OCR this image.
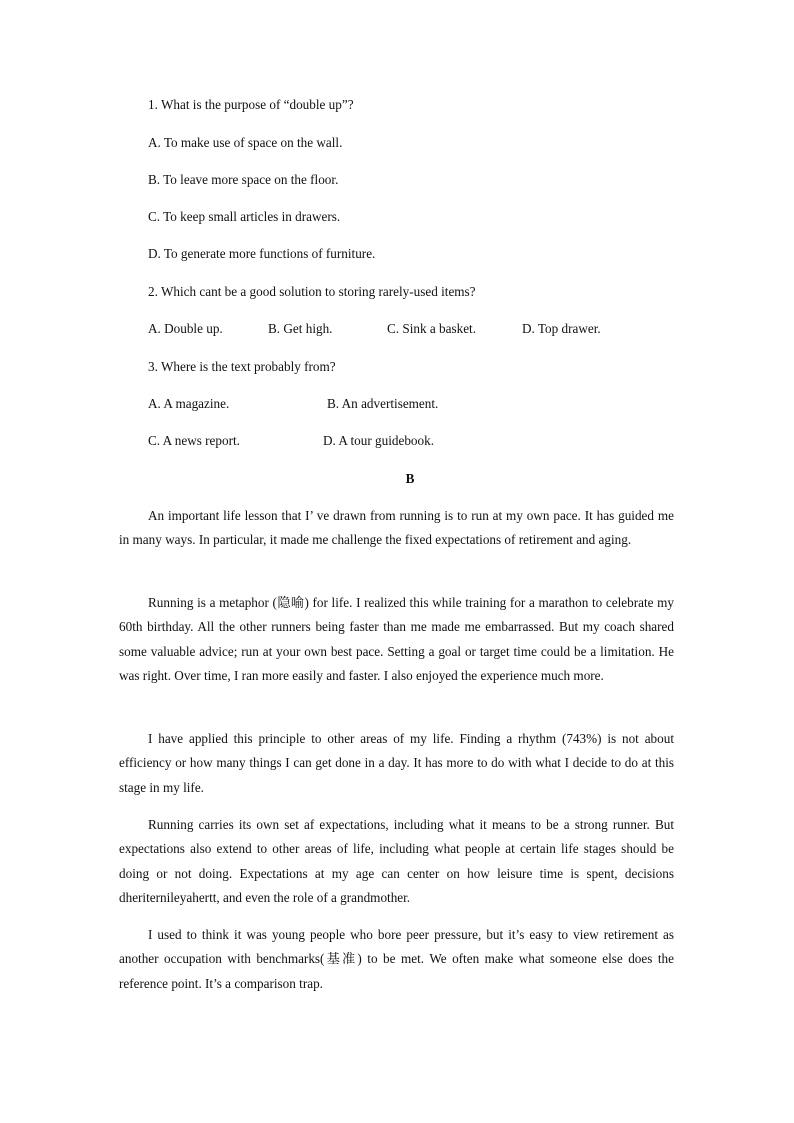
1. What is the purpose of “double up”?
A. To make use of space on the wall.
B. To leave more space on the floor.
C. To keep small articles in drawers.
D. To generate more functions of furniture.
2. Which cant be a good solution to storing rarely-used items?
A. Double up.	B. Get high.	C. Sink a basket.	D. Top drawer.
3. Where is the text probably from?
A. A magazine.	B. An advertisement.
C. A news report.	D. A tour guidebook.
B

An important life lesson that I’ ve drawn from running is to run at my own pace. It has guided me in many ways. In particular, it made me challenge the fixed expectations of retirement and aging.

Running is a metaphor (隐喻) for life. I realized this while training for a marathon to celebrate my 60th birthday. All the other runners being faster than me made me embarrassed. But my coach shared some valuable advice; run at your own best pace. Setting a goal or target time could be a limitation. He was right. Over time, I ran more easily and faster. I also enjoyed the experience much more.

I have applied this principle to other areas of my life. Finding a rhythm (743%) is not about efficiency or how many things I can get done in a day. It has more to do with what I decide to do at this stage in my life.

Running carries its own set af expectations, including what it means to be a strong runner. But expectations also extend to other areas of life, including what people at certain life stages should be doing or not doing. Expectations at my age can center on how leisure time is spent, decisions dheriternileyahertt, and even the role of a grandmother.

I used to think it was young people who bore peer pressure, but it’s easy to view retirement as another occupation with benchmarks(基准) to be met. We often make what someone else does the reference point. It’s a comparison trap.
